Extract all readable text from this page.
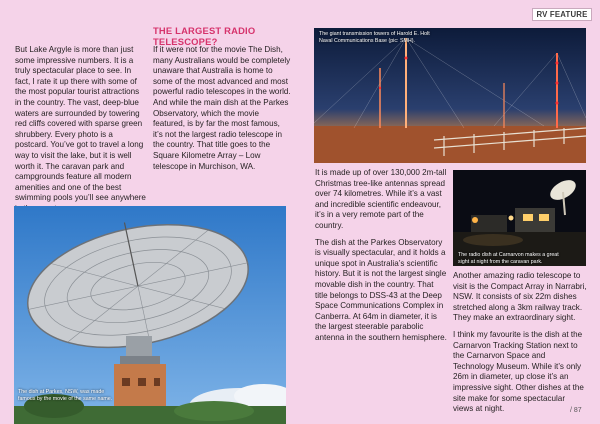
RV FEATURE

But Lake Argyle is more than just some impressive numbers. It is a truly spectacular place to see. In fact, I rate it up there with some of the most popular tourist attractions in the country. The vast, deep-blue waters are surrounded by towering red cliffs covered with sparse green shrubbery. Every photo is a postcard. You’ve got to travel a long way to visit the lake, but it is well worth it. The caravan park and campgrounds feature all modern amenities and one of the best swimming pools you’ll see anywhere

THE LARGEST RADIO TELESCOPE?

If it were not for the movie The Dish, many Australians would be completely unaware that Australia is home to some of the most advanced and most powerful radio telescopes in the world. And while the main dish at the Parkes Observatory, which the movie featured, is by far the most famous, it’s not the largest radio telescope in the country. That title goes to the Square Kilometre Array – Low telescope in Murchison, WA.

The dish at Parkes, NSW, was made famous by the movie of the same name.
The giant transmission towers of Harold E. Holt Naval Communications Base (pic: SMH).

It is made up of over 130,000 2m-tall Christmas tree-like antennas spread over 74 kilometres. While it’s a vast and incredible scientific endeavour, it’s in a very remote part of the country.

The dish at the Parkes Observatory is visually spectacular, and it holds a unique spot in Australia’s scientific history. But it is not the largest single movable dish in the country. That title belongs to DSS-43 at the Deep Space Communications Complex in Canberra. At 64m in diameter, it is the largest steerable parabolic antenna in the southern hemisphere.

The radio dish at Carnarvon makes a great sight at night from the caravan park.

Another amazing radio telescope to visit is the Compact Array in Narrabri, NSW. It consists of six 22m dishes stretched along a 3km railway track. They make an extraordinary sight.

I think my favourite is the dish at the Carnarvon Tracking Station next to the Carnarvon Space and Technology Museum. While it’s only 26m in diameter, up close it’s an impressive sight. Other dishes at the site make for some spectacular views at night.	/ 87
